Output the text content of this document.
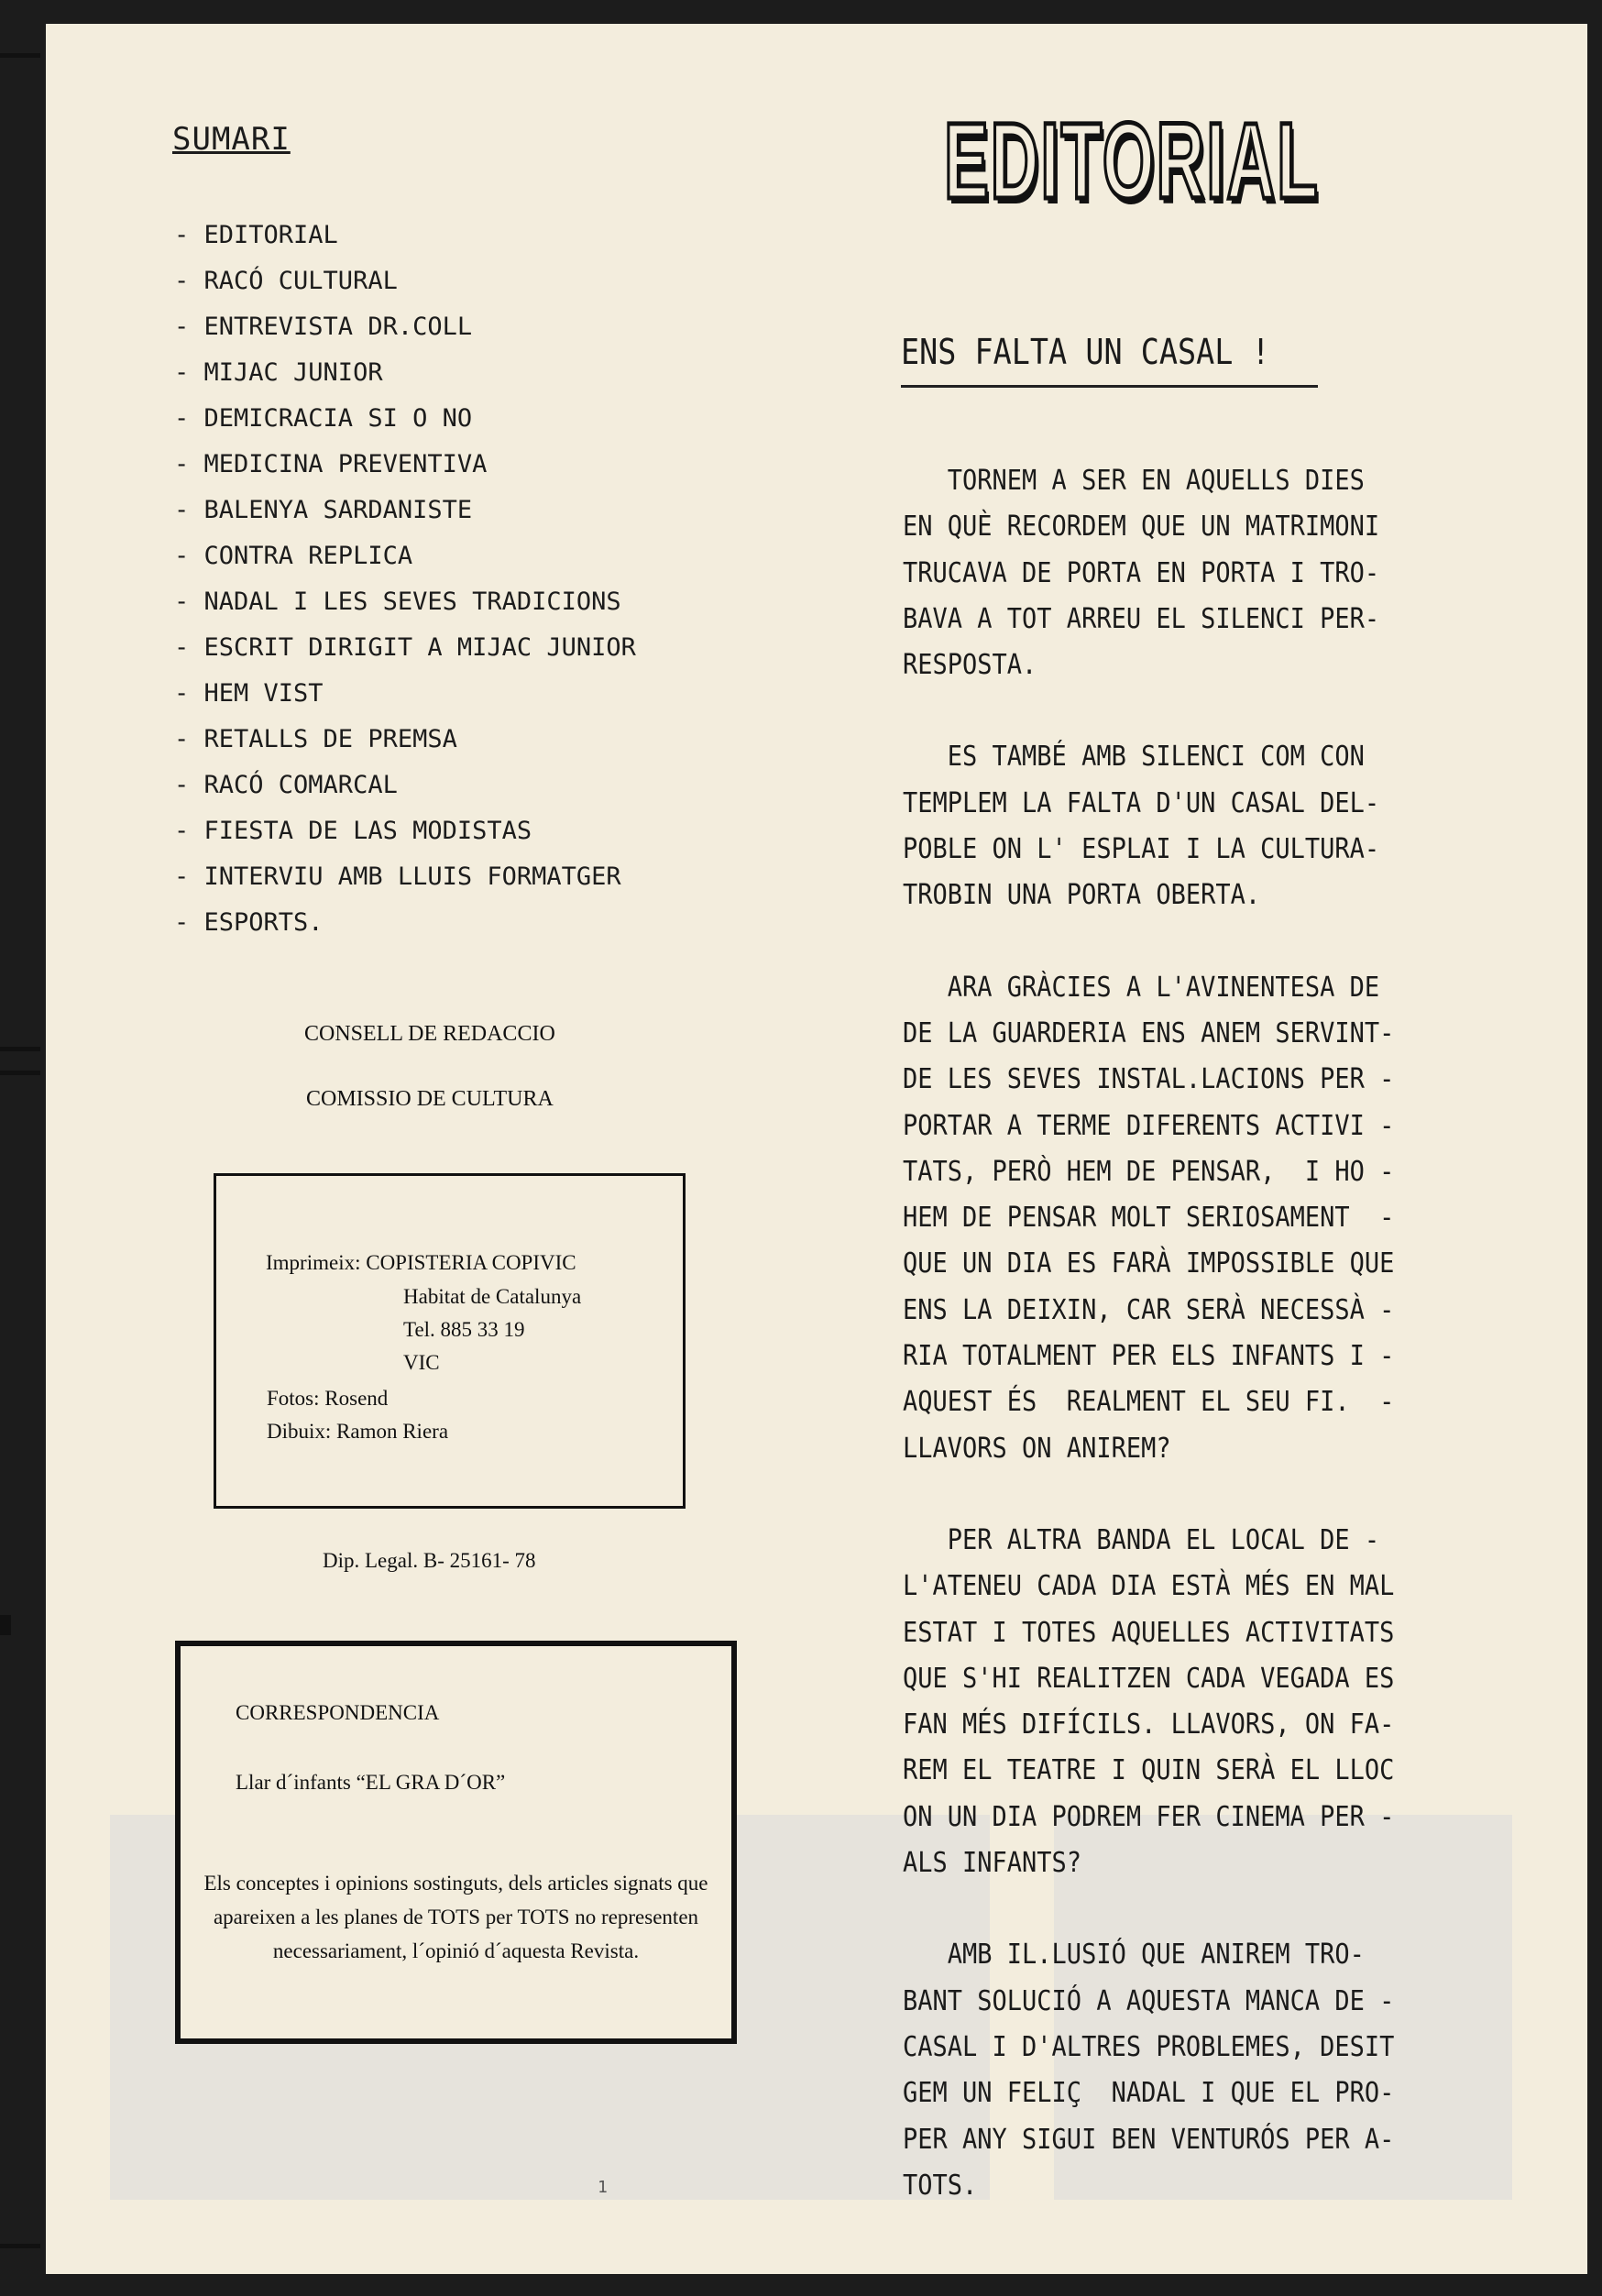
SUMARI
- EDITORIAL
- RACÓ CULTURAL
- ENTREVISTA DR.COLL
- MIJAC JUNIOR
- DEMICRACIA SI O NO
- MEDICINA PREVENTIVA
- BALENYA SARDANISTE
- CONTRA REPLICA
- NADAL I LES SEVES TRADICIONS
- ESCRIT DIRIGIT A MIJAC JUNIOR
- HEM VIST
- RETALLS DE PREMSA
- RACÓ COMARCAL
- FIESTA DE LAS MODISTAS
- INTERVIU AMB LLUIS FORMATGER
- ESPORTS.
CONSELL DE REDACCIO
COMISSIO DE CULTURA
Imprimeix: COPISTERIA COPIVIC
Habitat de Catalunya
Tel. 885 33 19
VIC
Fotos: Rosend
Dibuix: Ramon Riera
Dip. Legal. B- 25161- 78
CORRESPONDENCIA
Llar d´infants “EL GRA D´OR”
Els conceptes i opinions sostinguts, dels articles signats que apareixen a les planes de TOTS per TOTS no representen necessariament, l´opinió d´aquesta Revista.
EDITORIAL
ENS FALTA UN CASAL !

TORNEM A SER EN AQUELLS DIES
EN QUÈ RECORDEM QUE UN MATRIMONI
TRUCAVA DE PORTA EN PORTA I TRO-
BAVA A TOT ARREU EL SILENCI PER-
RESPOSTA.

ES TAMBÉ AMB SILENCI COM CON
TEMPLEM LA FALTA D'UN CASAL DEL-
POBLE ON L' ESPLAI I LA CULTURA-
TROBIN UNA PORTA OBERTA.

ARA GRÀCIES A L'AVINENTESA DE
DE LA GUARDERIA ENS ANEM SERVINT-
DE LES SEVES INSTAL.LACIONS PER -
PORTAR A TERME DIFERENTS ACTIVI -
TATS, PERÒ HEM DE PENSAR,  I HO -
HEM DE PENSAR MOLT SERIOSAMENT  -
QUE UN DIA ES FARÀ IMPOSSIBLE QUE
ENS LA DEIXIN, CAR SERÀ NECESSÀ -
RIA TOTALMENT PER ELS INFANTS I -
AQUEST ÉS  REALMENT EL SEU FI.  -
LLAVORS ON ANIREM?

PER ALTRA BANDA EL LOCAL DE -
L'ATENEU CADA DIA ESTÀ MÉS EN MAL
ESTAT I TOTES AQUELLES ACTIVITATS
QUE S'HI REALITZEN CADA VEGADA ES
FAN MÉS DIFÍCILS. LLAVORS, ON FA-
REM EL TEATRE I QUIN SERÀ EL LLOC
ON UN DIA PODREM FER CINEMA PER -
ALS INFANTS?

AMB IL.LUSIÓ QUE ANIREM TRO-
BANT SOLUCIÓ A AQUESTA MANCA DE -
CASAL I D'ALTRES PROBLEMES, DESIT
GEM UN FELIÇ  NADAL I QUE EL PRO-
PER ANY SIGUI BEN VENTURÓS PER A-
TOTS.

1
